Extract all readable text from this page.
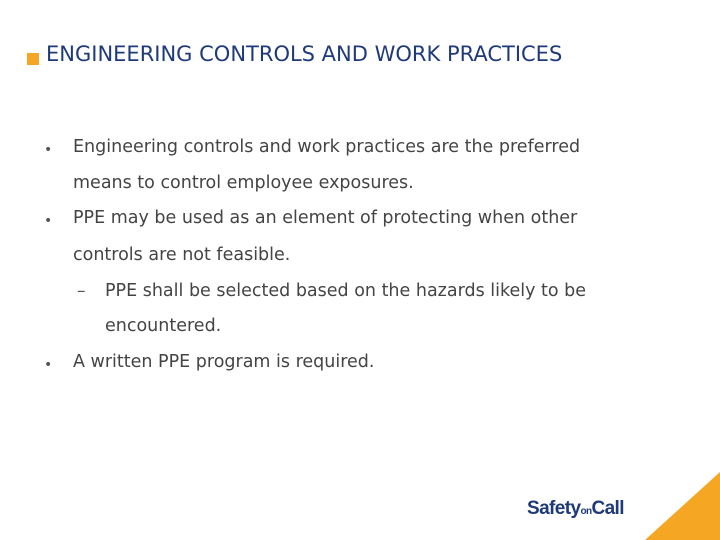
ENGINEERING CONTROLS AND WORK PRACTICES
• Engineering controls and work practices are the preferred
means to control employee exposures.
• PPE may be used as an element of protecting when other
controls are not feasible.
– PPE shall be selected based on the hazards likely to be
encountered.
• A written PPE program is required.
SafetyonCall
